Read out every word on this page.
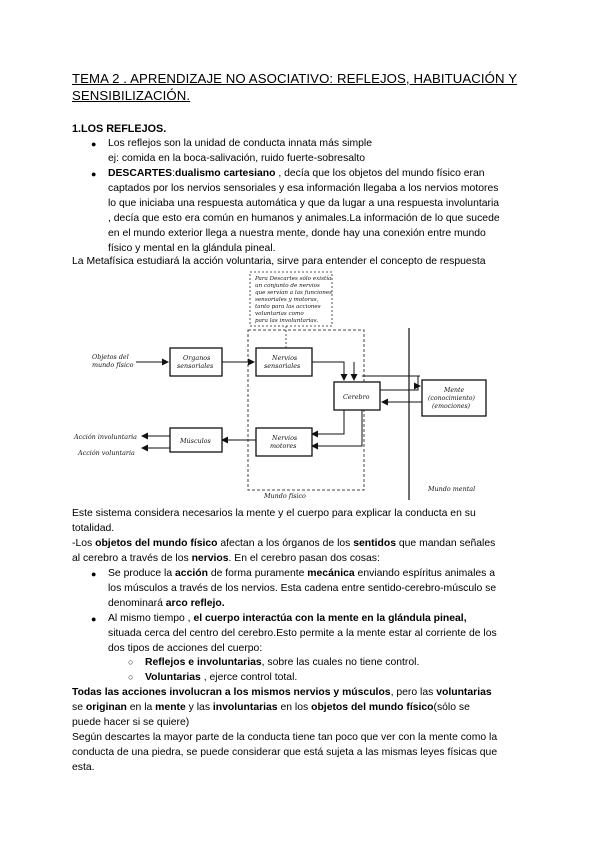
TEMA 2 . APRENDIZAJE NO ASOCIATIVO: REFLEJOS, HABITUACIÓN Y SENSIBILIZACIÓN.
1.LOS REFLEJOS.
● Los reflejos son la unidad de conducta innata más simple
ej: comida en la boca-salivación, ruido fuerte-sobresalto
● DESCARTES:dualismo cartesiano , decía que los objetos del mundo físico eran
captados por los nervios sensoriales y esa información llegaba a los nervios motores
lo que iniciaba una respuesta automática y que da lugar a una respuesta involuntaria
, decía que esto era común en humanos y animales.La información de lo que sucede
en el mundo exterior llega a nuestra mente, donde hay una conexión entre mundo
físico y mental en la glándula pineal.
La Metafísica estudiará la acción voluntaria, sirve para entender el concepto de respuesta
Para Descartes sólo existía
un conjunto de nervios
que servían a las funciones
sensoriales y motoras,
tanto para las acciones
voluntarias como
para las involuntarias.
Objetos del
mundo físico
Organos
sensoriales
Nervios
sensoriales
Cerebro
Mente
(conocimiento)
(emociones)
Nervios
motores
Músculos
Acción involuntaria
Acción voluntaria
Mundo físico
Mundo mental
Este sistema considera necesarios la mente y el cuerpo para explicar la conducta en su
totalidad.
-Los objetos del mundo físico afectan a los órganos de los sentidos que mandan señales
al cerebro a través de los nervios. En el cerebro pasan dos cosas:
● Se produce la acción de forma puramente mecánica enviando espíritus animales a
los músculos a través de los nervios. Esta cadena entre sentido-cerebro-músculo se
denominará arco reflejo.
● Al mismo tiempo , el cuerpo interactúa con la mente en la glándula pineal,
situada cerca del centro del cerebro.Esto permite a la mente estar al corriente de los
dos tipos de acciones del cuerpo:
○ Reflejos e involuntarias, sobre las cuales no tiene control.
○ Voluntarias , ejerce control total.
Todas las acciones involucran a los mismos nervios y músculos, pero las voluntarias
se originan en la mente y las involuntarias en los objetos del mundo físico(sólo se
puede hacer si se quiere)
Según descartes la mayor parte de la conducta tiene tan poco que ver con la mente como la
conducta de una piedra, se puede considerar que está sujeta a las mismas leyes físicas que
esta.
